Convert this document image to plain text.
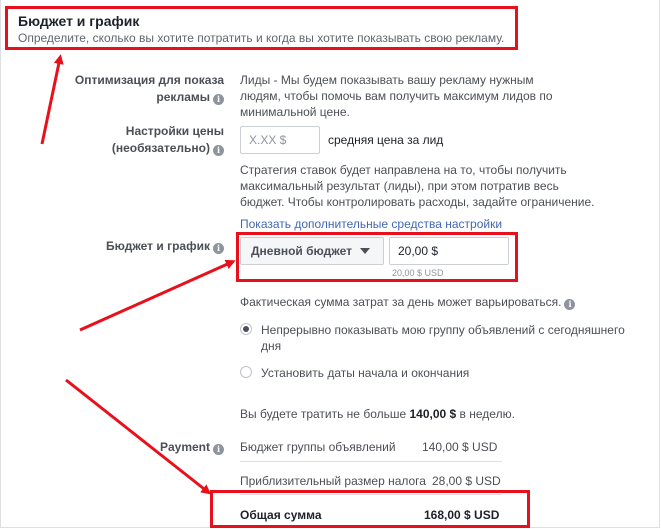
Бюджет и график
Определите, сколько вы хотите потратить и когда вы хотите показывать свою рекламу.
Оптимизация для показа
рекламы i
Лиды - Мы будем показывать вашу рекламу нужным
людям, чтобы помочь вам получить максимум лидов по
минимальной цене.
Настройки цены
(необязательно) i
X.XX $	средняя цена за лид
Стратегия ставок будет направлена на то, чтобы получить
максимальный результат (лиды), при этом потратив весь
бюджет. Чтобы контролировать расходы, задайте ограничение.
Показать дополнительные средства настройки
Бюджет и график i	Дневной бюджет	20,00 $
20,00 $ USD
Фактическая сумма затрат за день может варьироваться. i
Непрерывно показывать мою группу объявлений с сегодняшнего
дня
Установить даты начала и окончания
Вы будете тратить не больше 140,00 $ в неделю.
Payment i	Бюджет группы объявлений 140,00 $ USD
Приблизительный размер налога 28,00 $ USD
Общая сумма	168,00 $ USD
